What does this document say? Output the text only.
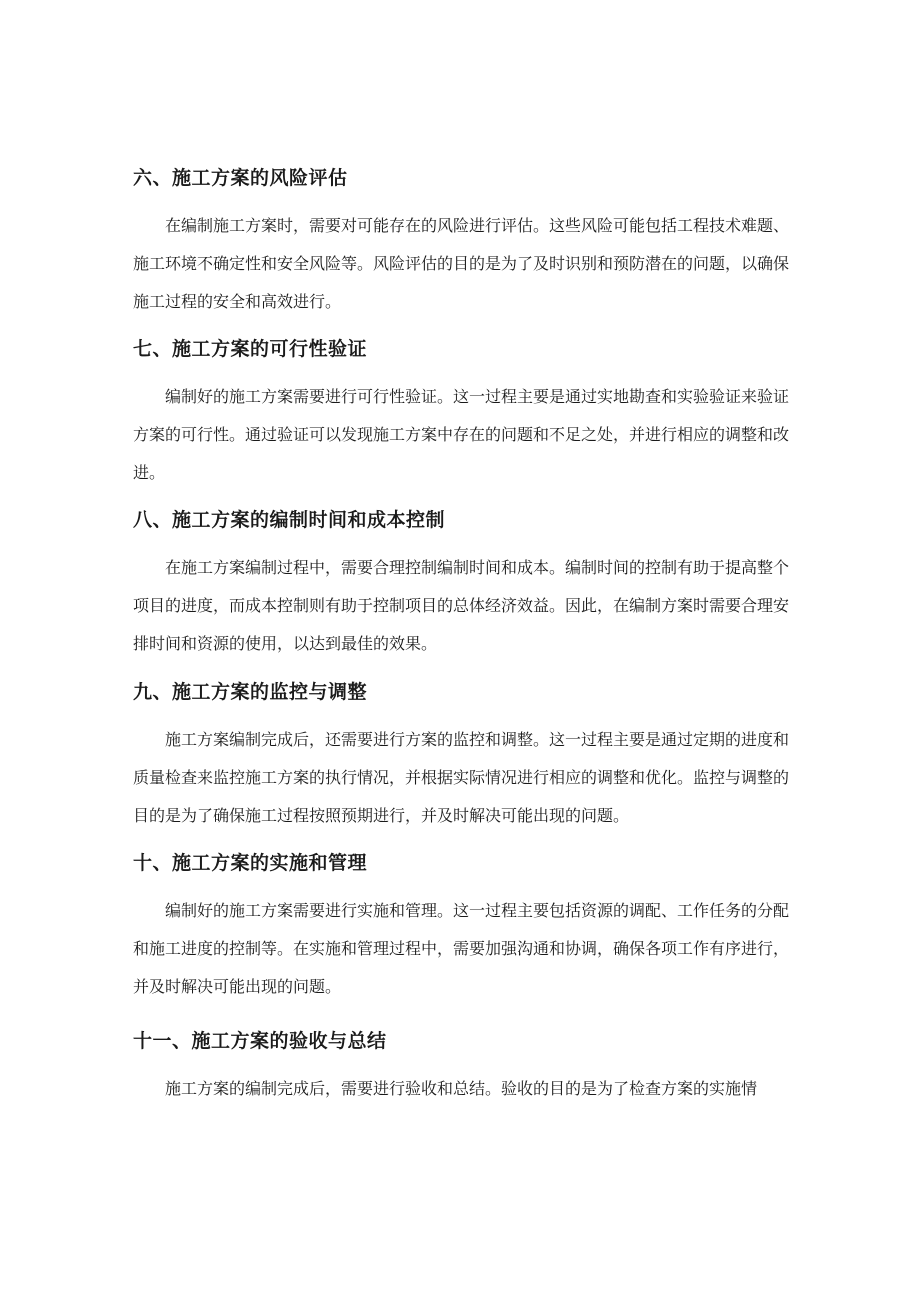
六、施工方案的风险评估

在编制施工方案时，需要对可能存在的风险进行评估。这些风险可能包括工程技术难题、施工环境不确定性和安全风险等。风险评估的目的是为了及时识别和预防潜在的问题，以确保施工过程的安全和高效进行。

七、施工方案的可行性验证

编制好的施工方案需要进行可行性验证。这一过程主要是通过实地勘查和实验验证来验证方案的可行性。通过验证可以发现施工方案中存在的问题和不足之处，并进行相应的调整和改进。

八、施工方案的编制时间和成本控制

在施工方案编制过程中，需要合理控制编制时间和成本。编制时间的控制有助于提高整个项目的进度，而成本控制则有助于控制项目的总体经济效益。因此，在编制方案时需要合理安排时间和资源的使用，以达到最佳的效果。

九、施工方案的监控与调整

施工方案编制完成后，还需要进行方案的监控和调整。这一过程主要是通过定期的进度和质量检查来监控施工方案的执行情况，并根据实际情况进行相应的调整和优化。监控与调整的目的是为了确保施工过程按照预期进行，并及时解决可能出现的问题。

十、施工方案的实施和管理

编制好的施工方案需要进行实施和管理。这一过程主要包括资源的调配、工作任务的分配和施工进度的控制等。在实施和管理过程中，需要加强沟通和协调，确保各项工作有序进行，并及时解决可能出现的问题。

十一、施工方案的验收与总结

施工方案的编制完成后，需要进行验收和总结。验收的目的是为了检查方案的实施情
